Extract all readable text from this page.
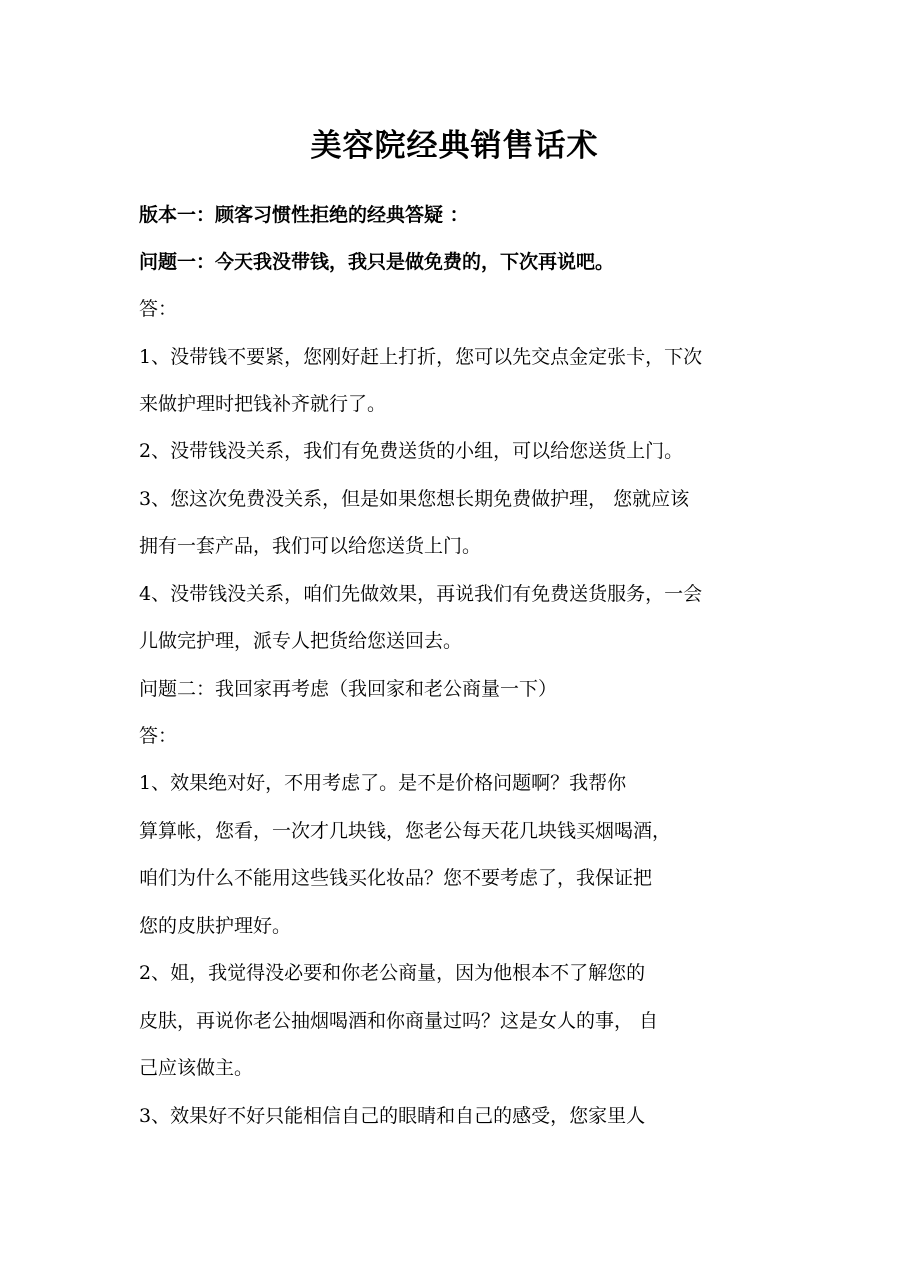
美容院经典销售话术

版本一：顾客习惯性拒绝的经典答疑 ：

问题一：今天我没带钱，我只是做免费的，下次再说吧。

答：

1、没带钱不要紧，您刚好赶上打折，您可以先交点金定张卡，下次

来做护理时把钱补齐就行了。

2、没带钱没关系，我们有免费送货的小组，可以给您送货上门。

3、您这次免费没关系，但是如果您想长期免费做护理， 您就应该

拥有一套产品，我们可以给您送货上门。

4、没带钱没关系，咱们先做效果，再说我们有免费送货服务，一会

儿做完护理，派专人把货给您送回去。

问题二：我回家再考虑（我回家和老公商量一下）

答：

1、效果绝对好，不用考虑了。是不是价格问题啊？我帮你

算算帐，您看，一次才几块钱，您老公每天花几块钱买烟喝酒，

咱们为什么不能用这些钱买化妆品？您不要考虑了，我保证把

您的皮肤护理好。

2、姐，我觉得没必要和你老公商量，因为他根本不了解您的

皮肤，再说你老公抽烟喝酒和你商量过吗？这是女人的事， 自

己应该做主。

3、效果好不好只能相信自己的眼睛和自己的感受，您家里人
